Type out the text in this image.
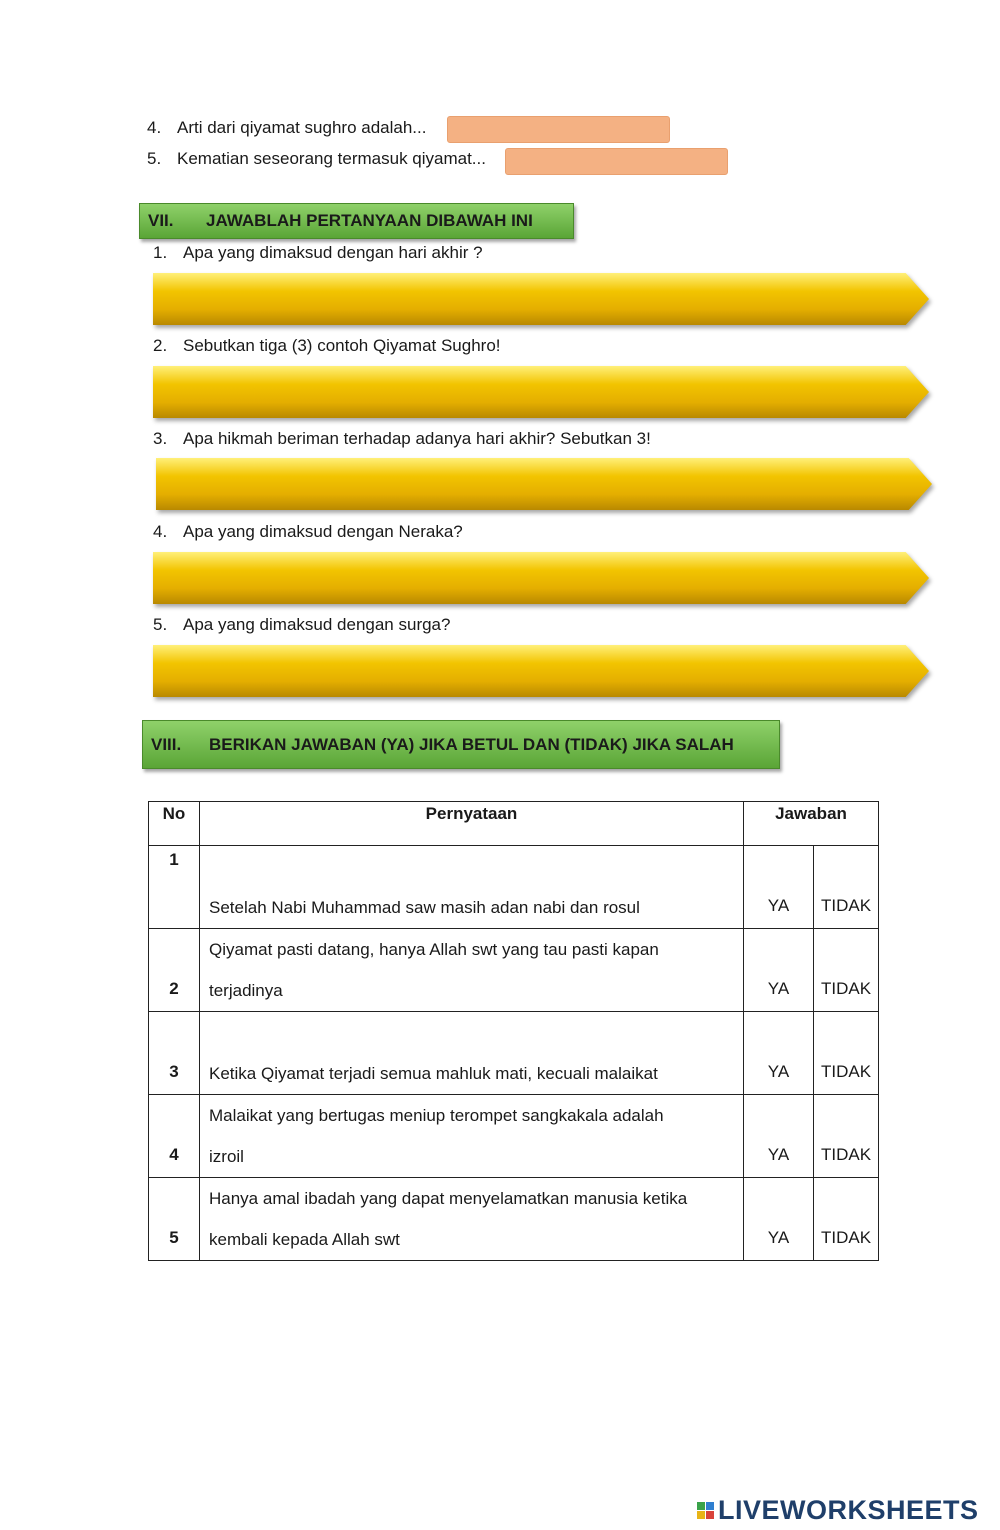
4. Arti dari qiyamat sughro adalah...
5. Kematian seseorang termasuk qiyamat...
VII.	JAWABLAH PERTANYAAN DIBAWAH INI
1. Apa yang dimaksud dengan hari akhir ?
2. Sebutkan tiga (3) contoh Qiyamat Sughro!
3. Apa hikmah beriman terhadap adanya hari akhir? Sebutkan 3!
4. Apa yang dimaksud dengan Neraka?
5. Apa yang dimaksud dengan surga?
VIII.	BERIKAN JAWABAN (YA) JIKA BETUL DAN (TIDAK) JIKA SALAH
No	Pernyataan	Jawaban	
1	Setelah Nabi Muhammad saw masih adan nabi dan rosul	YA	TIDAK
2	Qiyamat pasti datang, hanya Allah swt yang tau pasti kapan
terjadinya	YA	TIDAK
3	Ketika Qiyamat terjadi semua mahluk mati, kecuali malaikat	YA	TIDAK
4	Malaikat yang bertugas meniup terompet sangkakala adalah
izroil	YA	TIDAK
5	Hanya amal ibadah yang dapat menyelamatkan manusia ketika
kembali kepada Allah swt	YA	TIDAK
LIVEWORKSHEETS
